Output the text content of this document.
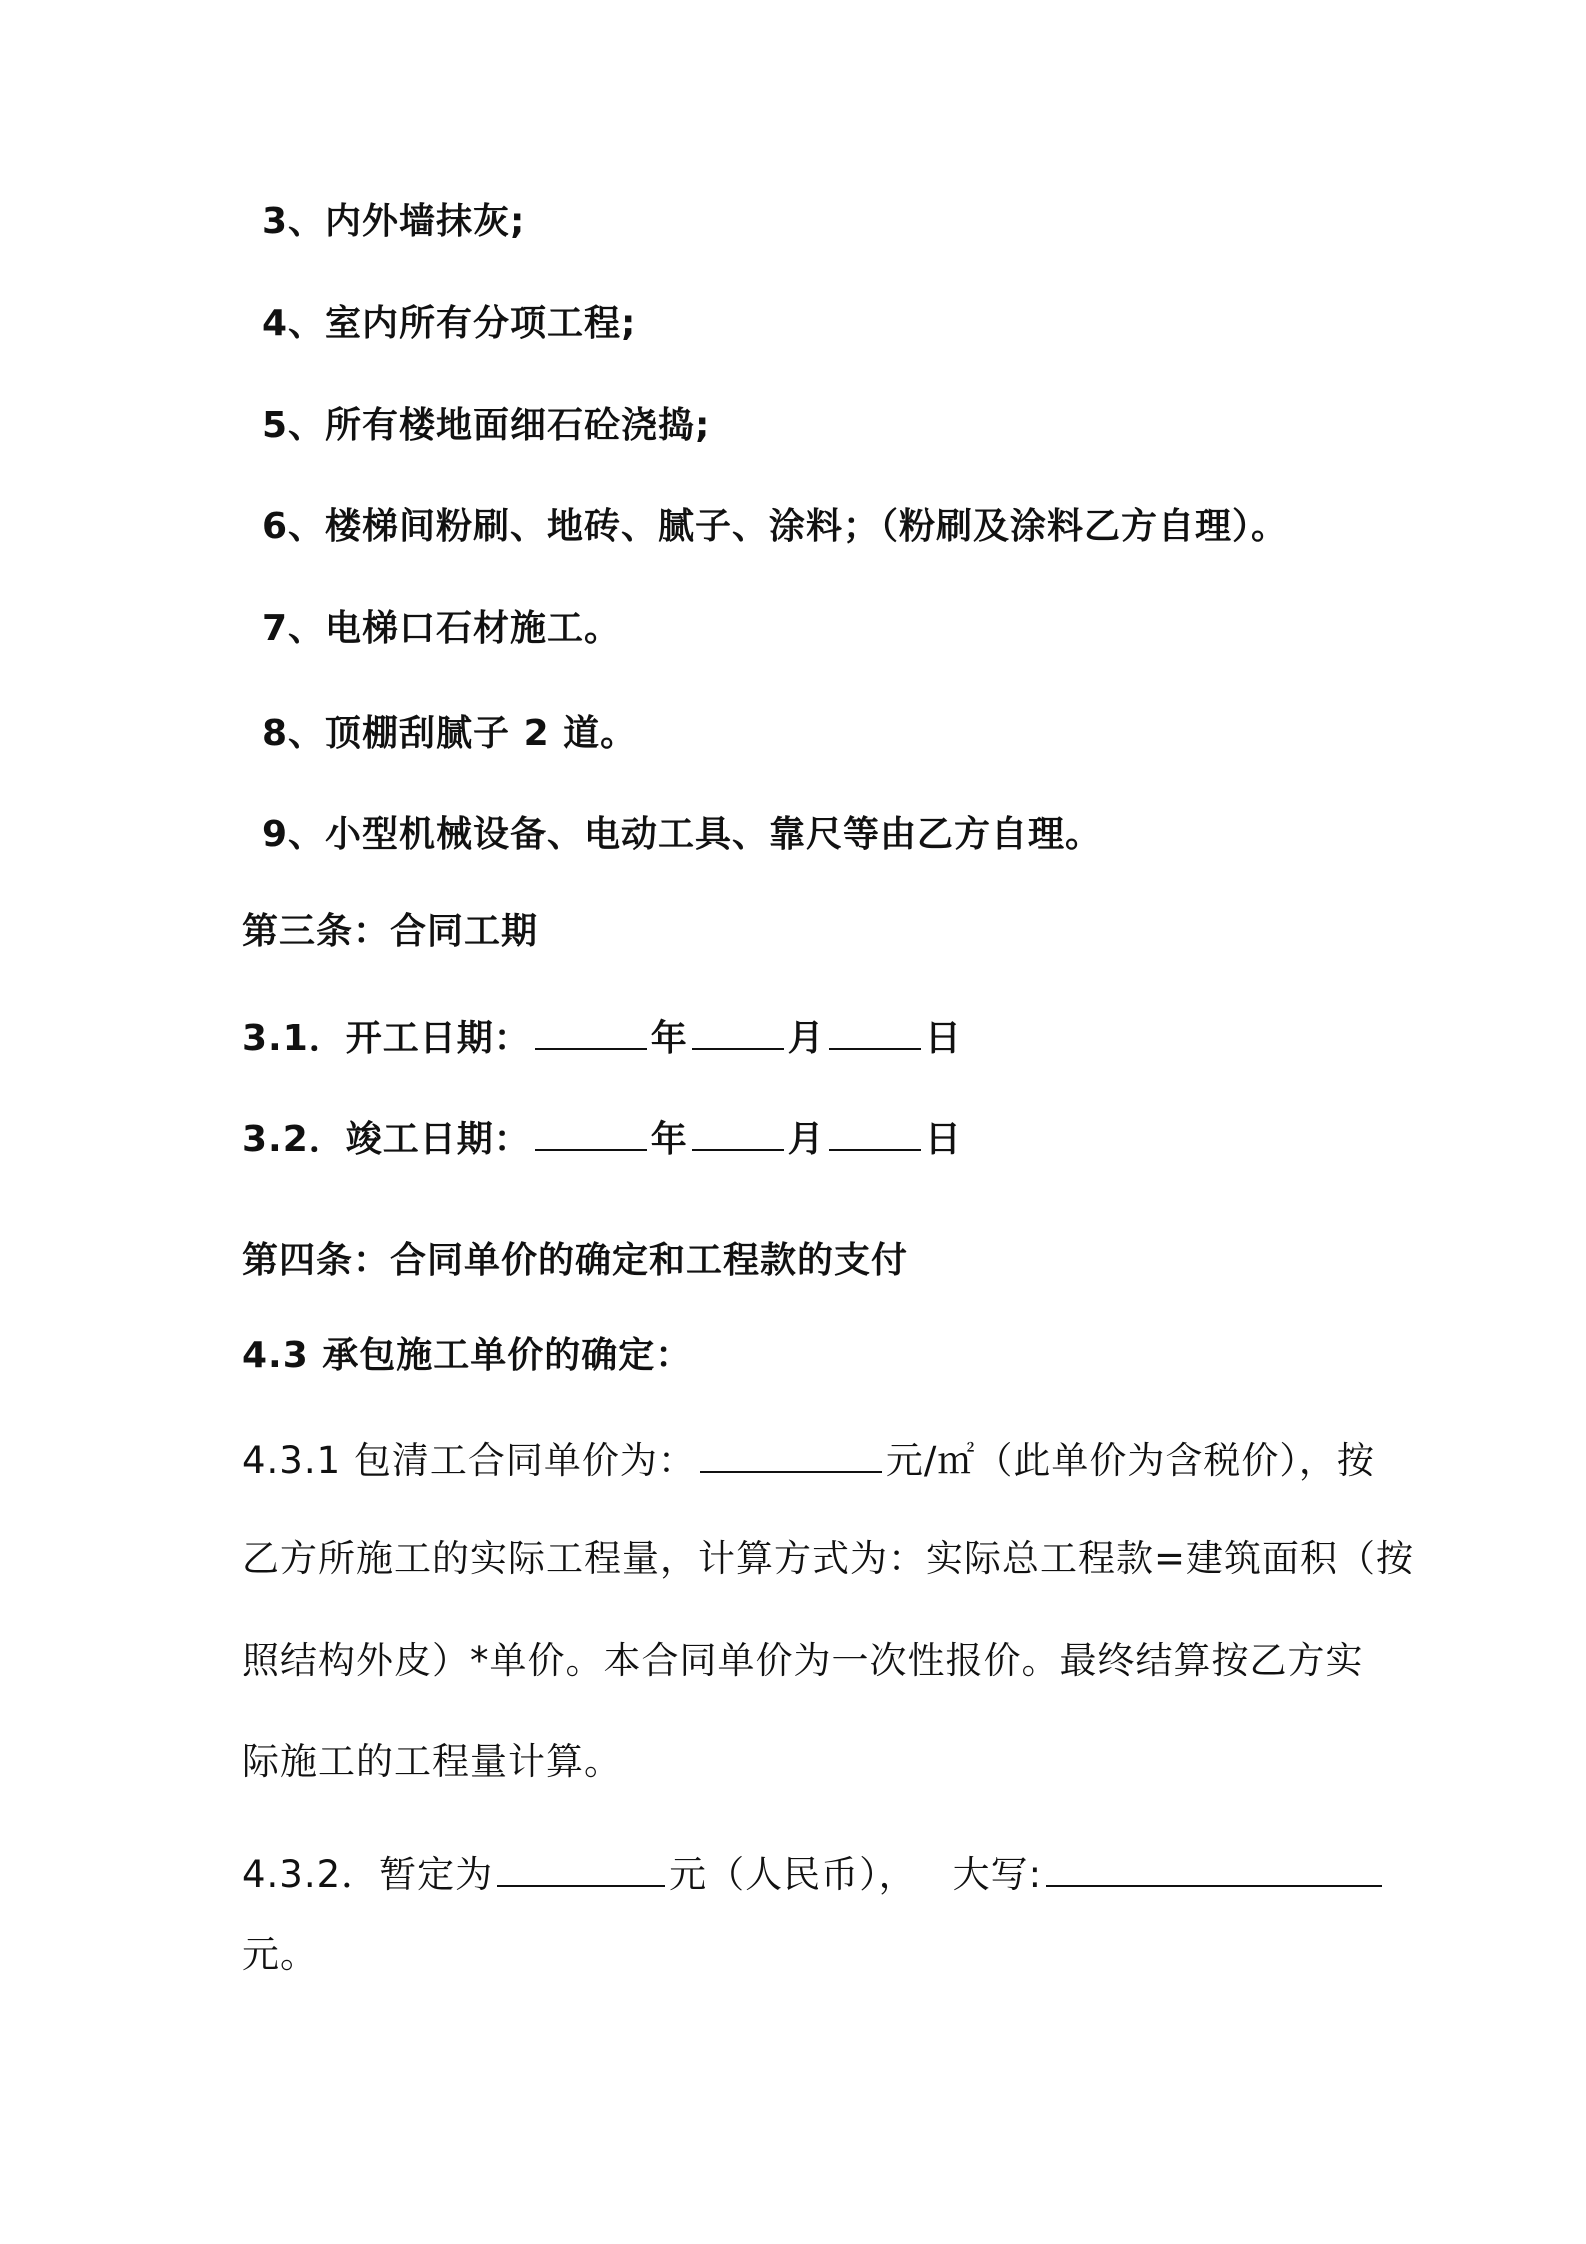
3、内外墙抹灰;
4、室内所有分项工程;
5、所有楼地面细石砼浇捣;
6、楼梯间粉刷、地砖、腻子、涂料；（粉刷及涂料乙方自理）。
7、电梯口石材施工。
8、顶棚刮腻子 2 道。
9、小型机械设备、电动工具、靠尺等由乙方自理。
第三条：合同工期
3.1．开工日期：	年	月	日
3.2．竣工日期：	年	月	日
第四条：合同单价的确定和工程款的支付
4.3 承包施工单价的确定：
4.3.1 包清工合同单价为：	元/㎡（此单价为含税价），按
乙方所施工的实际工程量，计算方式为：实际总工程款=建筑面积（按
照结构外皮）*单价。本合同单价为一次性报价。最终结算按乙方实
际施工的工程量计算。
4.3.2．暂定为	元（人民币）， 大写:
元。
